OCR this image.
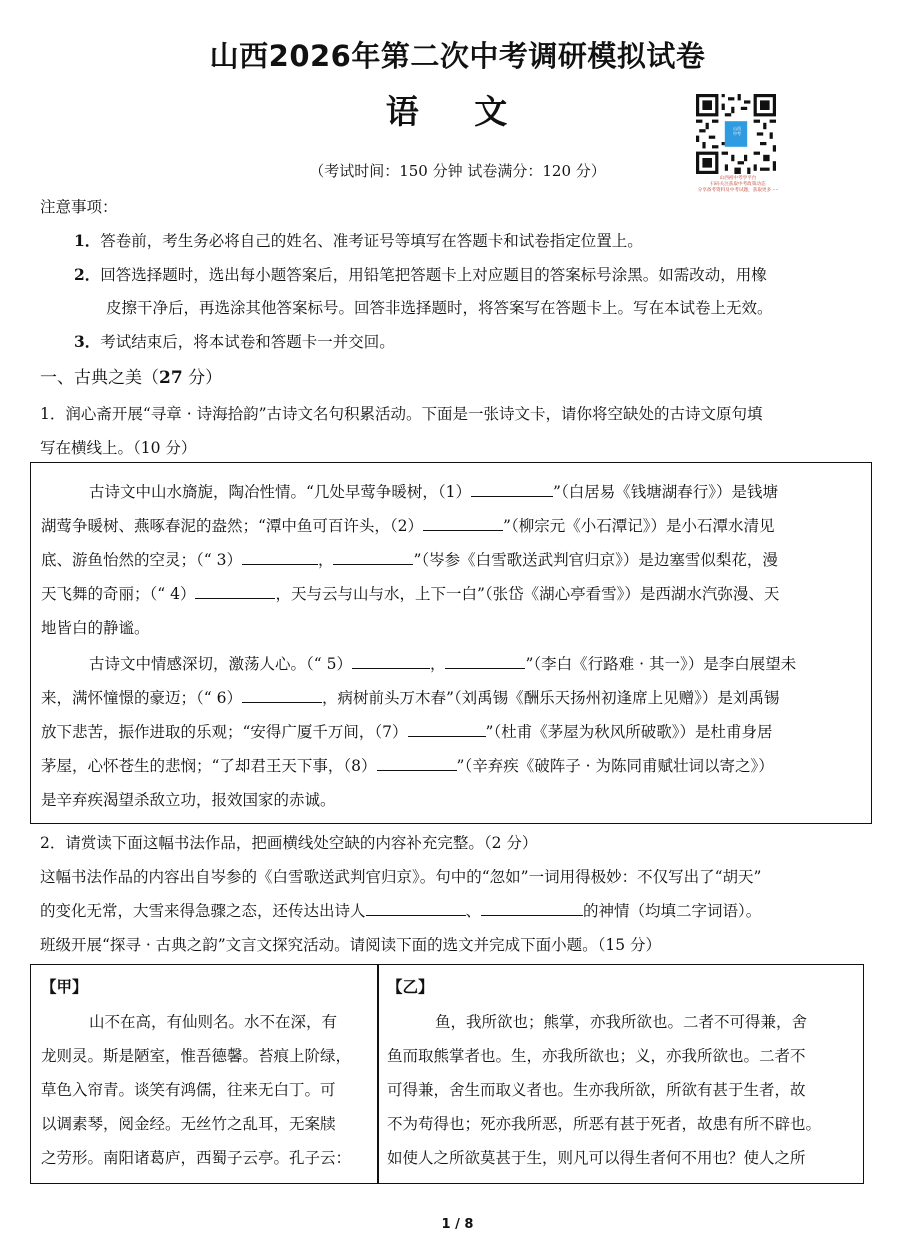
山西2026年第二次中考调研模拟试卷
语 文
（考试时间：150 分钟 试卷满分：120 分）
山西
中考
山西初中考学平台
扫码关注获取中考政策动态
分享备考资料及中考试题，获取更多 ····
注意事项：
1．答卷前，考生务必将自己的姓名、准考证号等填写在答题卡和试卷指定位置上。
2．回答选择题时，选出每小题答案后，用铅笔把答题卡上对应题目的答案标号涂黑。如需改动，用橡
皮擦干净后，再选涂其他答案标号。回答非选择题时，将答案写在答题卡上。写在本试卷上无效。
3．考试结束后，将本试卷和答题卡一并交回。
一、古典之美（27 分）
1．润心斋开展“寻章 · 诗海拾韵”古诗文名句积累活动。下面是一张诗文卡，请你将空缺处的古诗文原句填
写在横线上。（10 分）
古诗文中山水旖旎，陶冶性情。“几处早莺争暖树，（1）	”（白居易《钱塘湖春行》）是钱塘
湖莺争暖树、燕啄春泥的盎然；“潭中鱼可百许头，（2）	”（柳宗元《小石潭记》）是小石潭水清见
底、游鱼怡然的空灵；（“ 3）	，	”（岑参《白雪歌送武判官归京》）是边塞雪似梨花，漫
天飞舞的奇丽；（“ 4）	，天与云与山与水，上下一白”（张岱《湖心亭看雪》）是西湖水汽弥漫、天
地皆白的静谧。
古诗文中情感深切，激荡人心。（“ 5）	，	”（李白《行路难 · 其一》）是李白展望未
来，满怀憧憬的豪迈；（“ 6）	，病树前头万木春”（刘禹锡《酬乐天扬州初逢席上见赠》）是刘禹锡
放下悲苦，振作进取的乐观；“安得广厦千万间，（7）	”（杜甫《茅屋为秋风所破歌》）是杜甫身居
茅屋，心怀苍生的悲悯；“了却君王天下事，（8）	”（辛弃疾《破阵子 · 为陈同甫赋壮词以寄之》）
是辛弃疾渴望杀敌立功，报效国家的赤诚。
2．请赏读下面这幅书法作品，把画横线处空缺的内容补充完整。（2 分）
这幅书法作品的内容出自岑参的《白雪歌送武判官归京》。句中的“忽如”一词用得极妙：不仅写出了“胡天”
的变化无常，大雪来得急骤之态，还传达出诗人	、	的神情（均填二字词语）。
班级开展“探寻 · 古典之韵”文言文探究活动。请阅读下面的选文并完成下面小题。（15 分）
【甲】
山不在高，有仙则名。水不在深，有
龙则灵。斯是陋室，惟吾德馨。苔痕上阶绿，
草色入帘青。谈笑有鸿儒，往来无白丁。可
以调素琴，阅金经。无丝竹之乱耳，无案牍
之劳形。南阳诸葛庐，西蜀子云亭。孔子云：
【乙】
鱼，我所欲也；熊掌，亦我所欲也。二者不可得兼，舍
鱼而取熊掌者也。生，亦我所欲也；义，亦我所欲也。二者不
可得兼，舍生而取义者也。生亦我所欲，所欲有甚于生者，故
不为苟得也；死亦我所恶，所恶有甚于死者，故患有所不辟也。
如使人之所欲莫甚于生，则凡可以得生者何不用也？使人之所
1 / 8
